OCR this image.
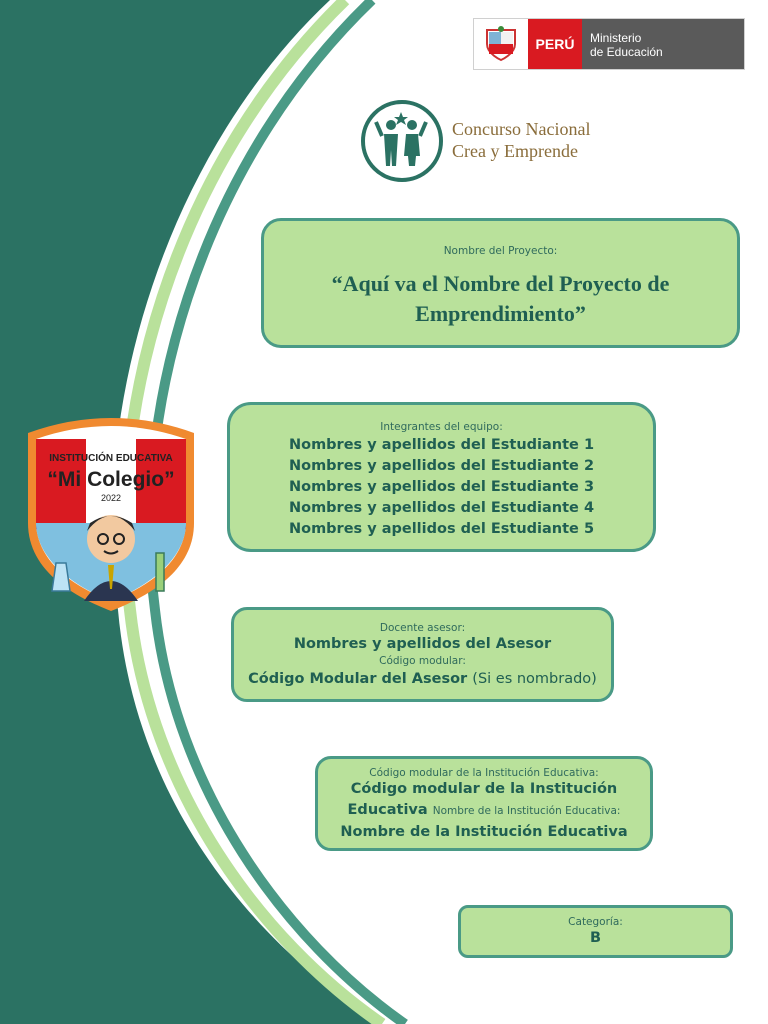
PERÚ	Ministerio
de Educación
Concurso Nacional
Crea y Emprende
Nombre del Proyecto:
“Aquí va el Nombre del Proyecto de
Emprendimiento”
INSTITUCIÓN EDUCATIVA
“Mi Colegio”
2022
Integrantes del equipo:
Nombres y apellidos del Estudiante 1
Nombres y apellidos del Estudiante 2
Nombres y apellidos del Estudiante 3
Nombres y apellidos del Estudiante 4
Nombres y apellidos del Estudiante 5
Docente asesor:
Nombres y apellidos del Asesor
Código modular:
Código Modular del Asesor (Si es nombrado)
Código modular de la Institución Educativa:
Código modular de la Institución
Educativa Nombre de la Institución Educativa:
Nombre de la Institución Educativa
Categoría:
B
